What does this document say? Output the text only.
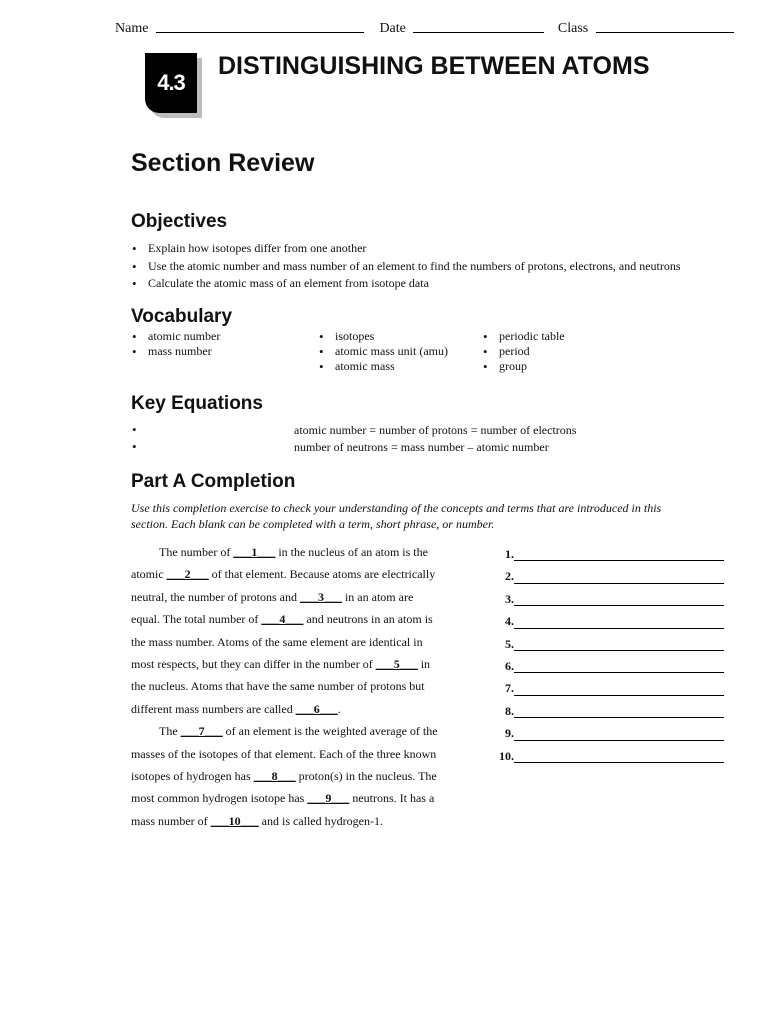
Name	Date	Class
4.3
DISTINGUISHING BETWEEN ATOMS
Section Review
Objectives
• Explain how isotopes differ from one another
• Use the atomic number and mass number of an element to find the numbers of protons, electrons, and neutrons
• Calculate the atomic mass of an element from isotope data
Vocabulary
• atomic number
• mass number
• isotopes
• atomic mass unit (amu)
• atomic mass
• periodic table
• period
• group
Key Equations
•	atomic number = number of protons = number of electrons
•	number of neutrons = mass number – atomic number
Part A Completion
Use this completion exercise to check your understanding of the concepts and terms that are introduced in this
section. Each blank can be completed with a term, short phrase, or number.
The number of ___1___ in the nucleus of an atom is the
atomic ___2___ of that element. Because atoms are electrically
neutral, the number of protons and ___3___ in an atom are
equal. The total number of ___4___ and neutrons in an atom is
the mass number. Atoms of the same element are identical in
most respects, but they can differ in the number of ___5___ in
the nucleus. Atoms that have the same number of protons but
different mass numbers are called ___6___.
The ___7___ of an element is the weighted average of the
masses of the isotopes of that element. Each of the three known
isotopes of hydrogen has ___8___ proton(s) in the nucleus. The
most common hydrogen isotope has ___9___ neutrons. It has a
mass number of ___10___ and is called hydrogen-1.
1.
2.
3.
4.
5.
6.
7.
8.
9.
10.
